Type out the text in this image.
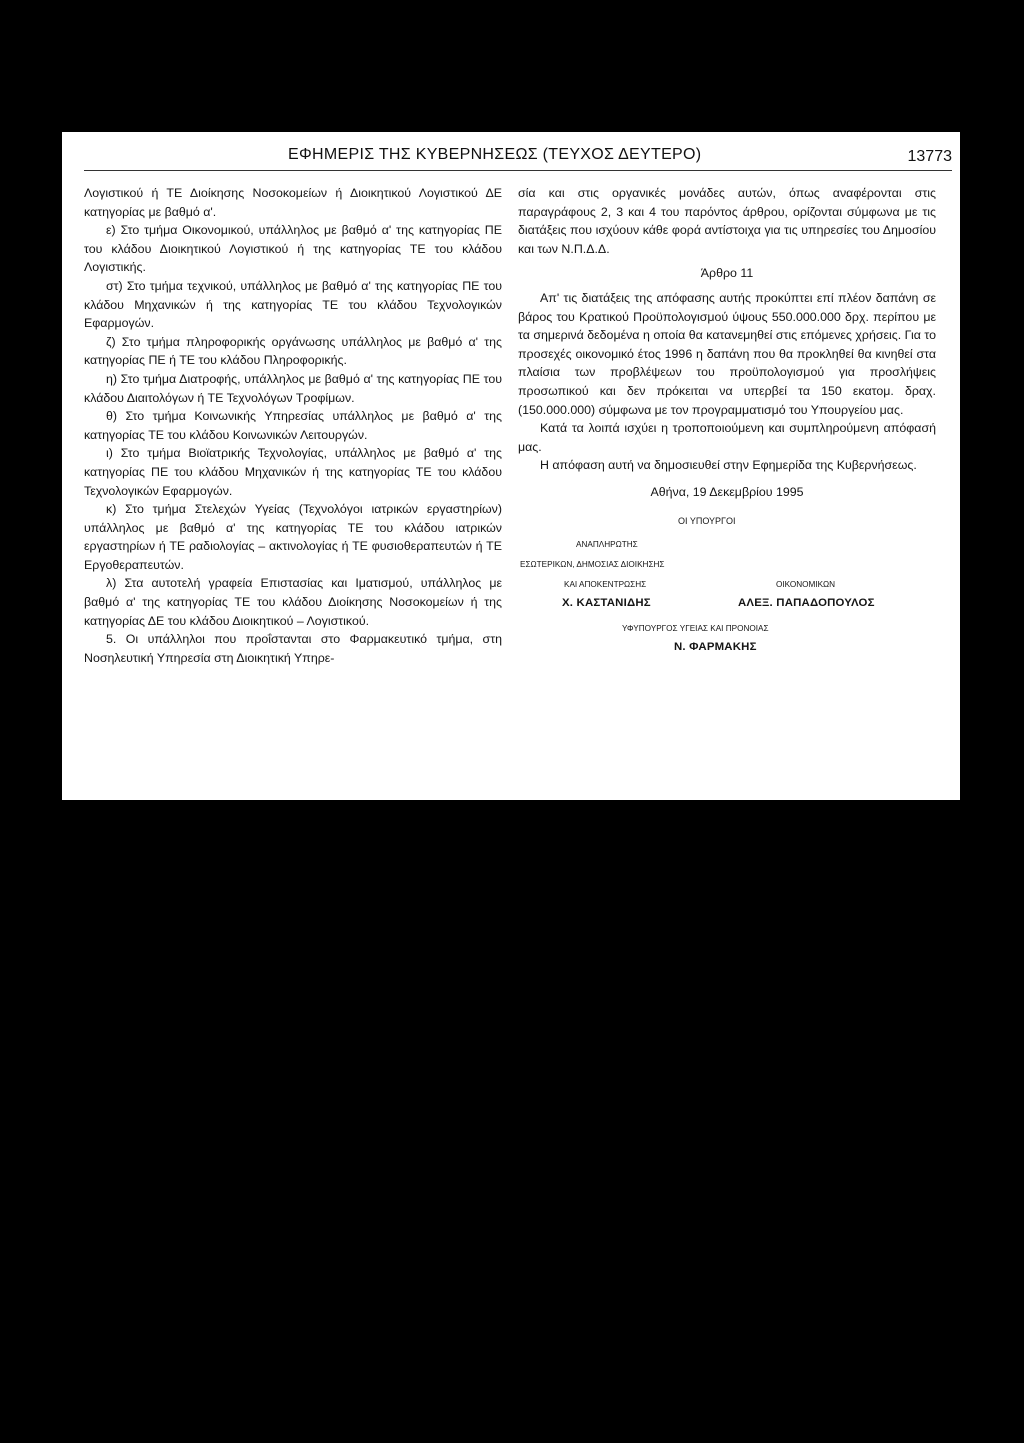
ΕΦΗΜΕΡΙΣ ΤΗΣ ΚΥΒΕΡΝΗΣΕΩΣ (ΤΕΥΧΟΣ ΔΕΥΤΕΡΟ)	13773

Λογιστικού ή ΤΕ Διοίκησης Νοσοκομείων ή Διοικητικού Λογιστικού ΔΕ κατηγορίας με βαθμό α'.

ε) Στο τμήμα Οικονομικού, υπάλληλος με βαθμό α' της κατηγορίας ΠΕ του κλάδου Διοικητικού Λογιστικού ή της κατηγορίας ΤΕ του κλάδου Λογιστικής.

στ) Στο τμήμα τεχνικού, υπάλληλος με βαθμό α' της κατηγορίας ΠΕ του κλάδου Μηχανικών ή της κατηγορίας ΤΕ του κλάδου Τεχνολογικών Εφαρμογών.

ζ) Στο τμήμα πληροφορικής οργάνωσης υπάλληλος με βαθμό α' της κατηγορίας ΠΕ ή ΤΕ του κλάδου Πληροφορικής.

η) Στο τμήμα Διατροφής, υπάλληλος με βαθμό α' της κατηγορίας ΠΕ του κλάδου Διαιτολόγων ή ΤΕ Τεχνολόγων Τροφίμων.

θ) Στο τμήμα Κοινωνικής Υπηρεσίας υπάλληλος με βαθμό α' της κατηγορίας ΤΕ του κλάδου Κοινωνικών Λειτουργών.

ι) Στο τμήμα Βιοϊατρικής Τεχνολογίας, υπάλληλος με βαθμό α' της κατηγορίας ΠΕ του κλάδου Μηχανικών ή της κατηγορίας ΤΕ του κλάδου Τεχνολογικών Εφαρμογών.

κ) Στο τμήμα Στελεχών Υγείας (Τεχνολόγοι ιατρικών εργαστηρίων) υπάλληλος με βαθμό α' της κατηγορίας ΤΕ του κλάδου ιατρικών εργαστηρίων ή ΤΕ ραδιολογίας – ακτινολογίας ή ΤΕ φυσιοθεραπευτών ή ΤΕ Εργοθεραπευτών.

λ) Στα αυτοτελή γραφεία Επιστασίας και Ιματισμού, υπάλληλος με βαθμό α' της κατηγορίας ΤΕ του κλάδου Διοίκησης Νοσοκομείων ή της κατηγορίας ΔΕ του κλάδου Διοικητικού – Λογιστικού.

5. Οι υπάλληλοι που προΐστανται στο Φαρμακευτικό τμήμα, στη Νοσηλευτική Υπηρεσία στη Διοικητική Υπηρε-

σία και στις οργανικές μονάδες αυτών, όπως αναφέρονται στις παραγράφους 2, 3 και 4 του παρόντος άρθρου, ορίζονται σύμφωνα με τις διατάξεις που ισχύουν κάθε φορά αντίστοιχα για τις υπηρεσίες του Δημοσίου και των Ν.Π.Δ.Δ.

Άρθρο 11

Απ' τις διατάξεις της απόφασης αυτής προκύπτει επί πλέον δαπάνη σε βάρος του Κρατικού Προϋπολογισμού ύψους 550.000.000 δρχ. περίπου με τα σημερινά δεδομένα η οποία θα κατανεμηθεί στις επόμενες χρήσεις. Για το προσεχές οικονομικό έτος 1996 η δαπάνη που θα προκληθεί θα κινηθεί στα πλαίσια των προβλέψεων του προϋπολογισμού για προσλήψεις προσωπικού και δεν πρόκειται να υπερβεί τα 150 εκατομ. δραχ. (150.000.000) σύμφωνα με τον προγραμματισμό του Υπουργείου μας.

Κατά τα λοιπά ισχύει η τροποποιούμενη και συμπληρούμενη απόφασή μας.

Η απόφαση αυτή να δημοσιευθεί στην Εφημερίδα της Κυβερνήσεως.

Αθήνα, 19 Δεκεμβρίου 1995

ΟΙ ΥΠΟΥΡΓΟΙ
ΑΝΑΠΛΗΡΩΤΗΣ
ΕΣΩΤΕΡΙΚΩΝ, ΔΗΜΟΣΙΑΣ ΔΙΟΙΚΗΣΗΣ
ΚΑΙ ΑΠΟΚΕΝΤΡΩΣΗΣ
Χ. ΚΑΣΤΑΝΙΔΗΣ
ΟΙΚΟΝΟΜΙΚΩΝ
ΑΛΕΞ. ΠΑΠΑΔΟΠΟΥΛΟΣ
ΥΦΥΠΟΥΡΓΟΣ ΥΓΕΙΑΣ ΚΑΙ ΠΡΟΝΟΙΑΣ
Ν. ΦΑΡΜΑΚΗΣ
